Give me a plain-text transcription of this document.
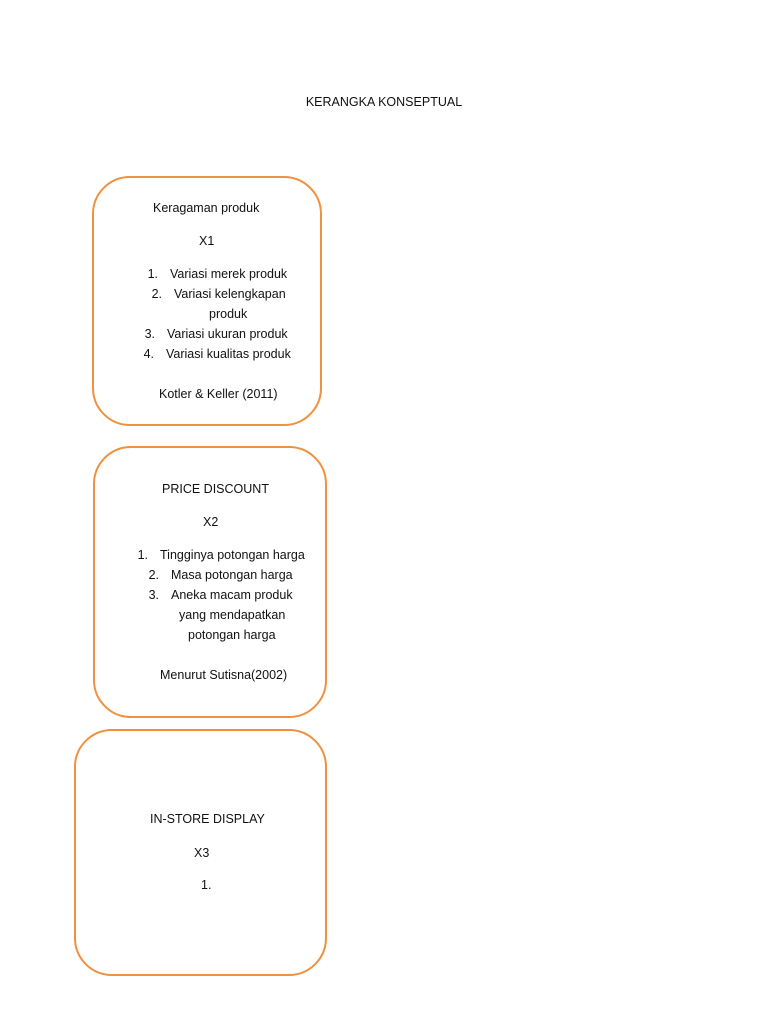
KERANGKA KONSEPTUAL
Keragaman produk
X1
1. Variasi merek produk
2. Variasi kelengkapan
produk
3. Variasi ukuran produk
4. Variasi kualitas produk
Kotler & Keller (2011)
PRICE DISCOUNT
X2
1. Tingginya potongan harga
2. Masa potongan harga
3. Aneka macam produk
yang mendapatkan
potongan harga
Menurut Sutisna(2002)
IN-STORE DISPLAY
X3
1.
